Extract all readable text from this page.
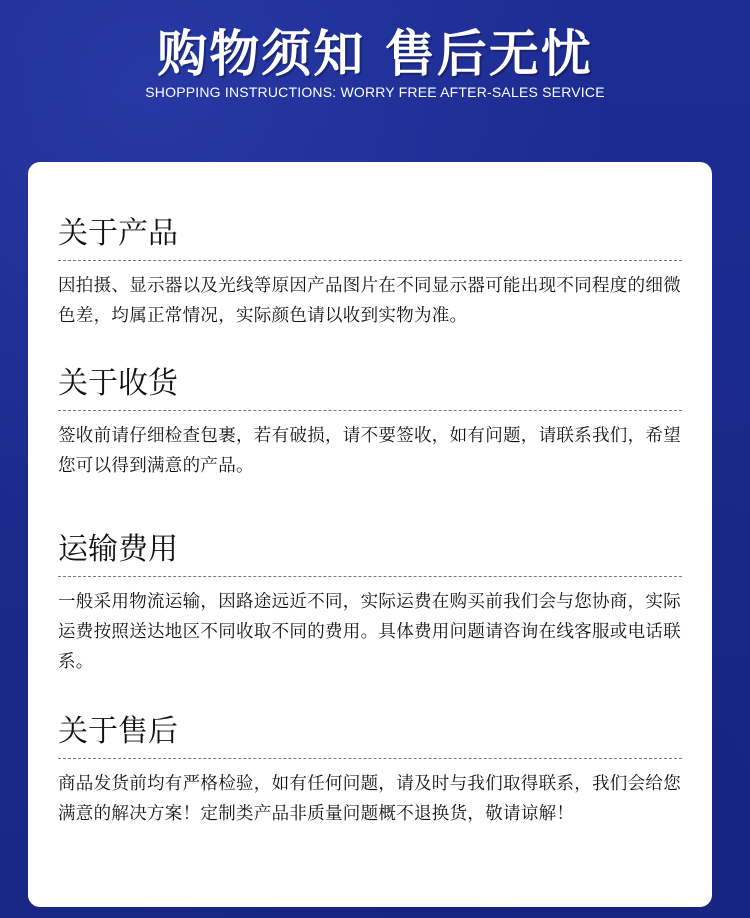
购物须知 售后无忧
SHOPPING INSTRUCTIONS: WORRY FREE AFTER-SALES SERVICE
关于产品
因拍摄、显示器以及光线等原因产品图片在不同显示器可能出现不同程度的细微色差，均属正常情况，实际颜色请以收到实物为准。
关于收货
签收前请仔细检查包裹，若有破损，请不要签收，如有问题，请联系我们，希望您可以得到满意的产品。
运输费用
一般采用物流运输，因路途远近不同，实际运费在购买前我们会与您协商，实际运费按照送达地区不同收取不同的费用。具体费用问题请咨询在线客服或电话联系。
关于售后
商品发货前均有严格检验，如有任何问题，请及时与我们取得联系，我们会给您满意的解决方案！定制类产品非质量问题概不退换货，敬请谅解！
